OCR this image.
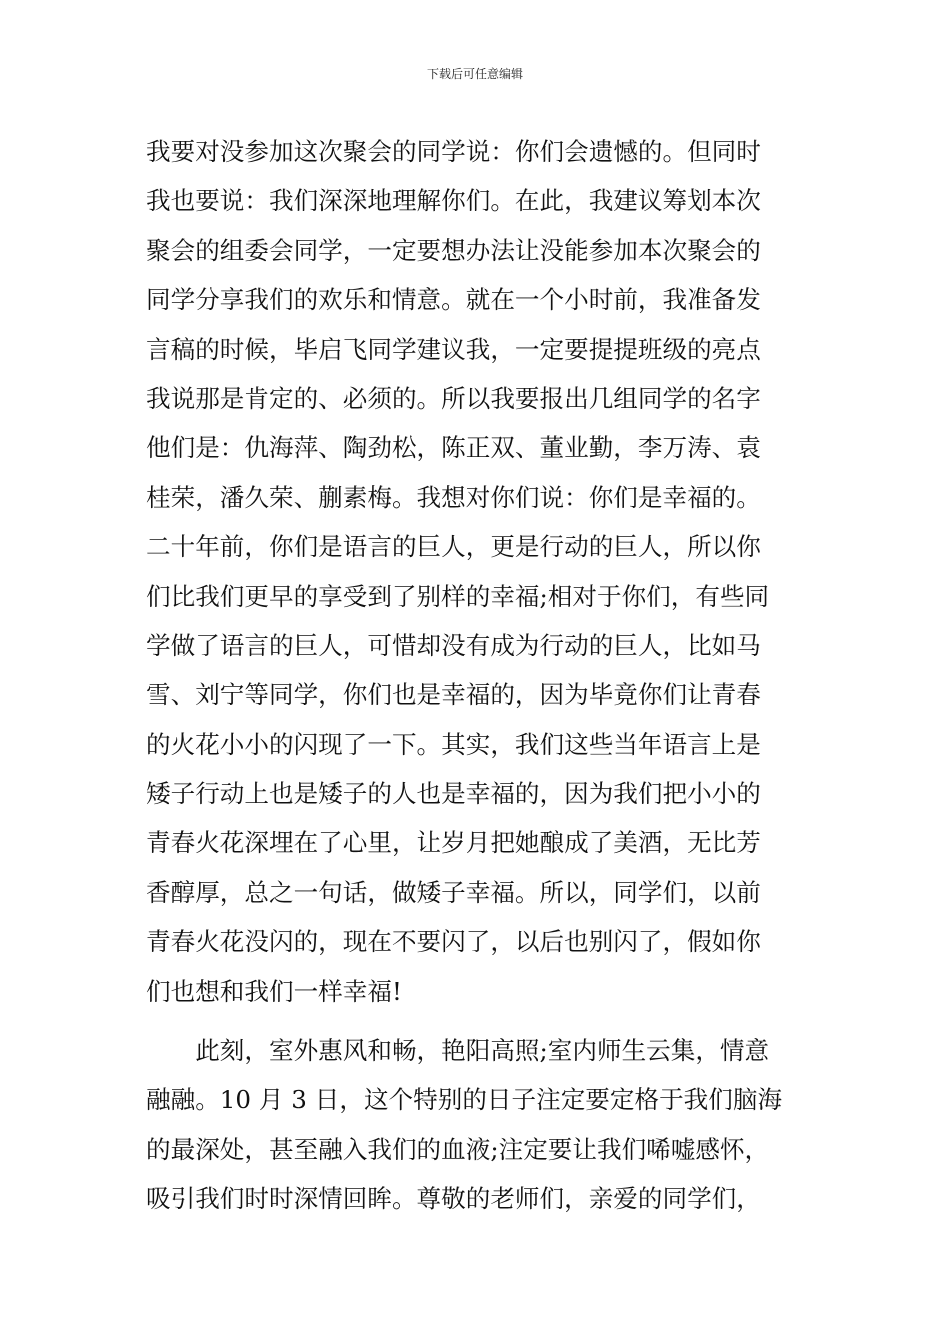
下载后可任意编辑
我要对没参加这次聚会的同学说：你们会遗憾的。但同时
我也要说：我们深深地理解你们。在此，我建议筹划本次
聚会的组委会同学，一定要想办法让没能参加本次聚会的
同学分享我们的欢乐和情意。就在一个小时前，我准备发
言稿的时候，毕启飞同学建议我，一定要提提班级的亮点
我说那是肯定的、必须的。所以我要报出几组同学的名字
他们是：仇海萍、陶劲松，陈正双、董业勤，李万涛、袁
桂荣，潘久荣、蒯素梅。我想对你们说：你们是幸福的。
二十年前，你们是语言的巨人，更是行动的巨人，所以你
们比我们更早的享受到了别样的幸福;相对于你们，有些同
学做了语言的巨人，可惜却没有成为行动的巨人，比如马
雪、刘宁等同学，你们也是幸福的，因为毕竟你们让青春
的火花小小的闪现了一下。其实，我们这些当年语言上是
矮子行动上也是矮子的人也是幸福的，因为我们把小小的
青春火花深埋在了心里，让岁月把她酿成了美酒，无比芳
香醇厚，总之一句话，做矮子幸福。所以，同学们，以前
青春火花没闪的，现在不要闪了，以后也别闪了，假如你
们也想和我们一样幸福!
　　此刻，室外惠风和畅，艳阳高照;室内师生云集，情意
融融。10 月 3 日，这个特别的日子注定要定格于我们脑海
的最深处，甚至融入我们的血液;注定要让我们唏嘘感怀，
吸引我们时时深情回眸。尊敬的老师们，亲爱的同学们，
